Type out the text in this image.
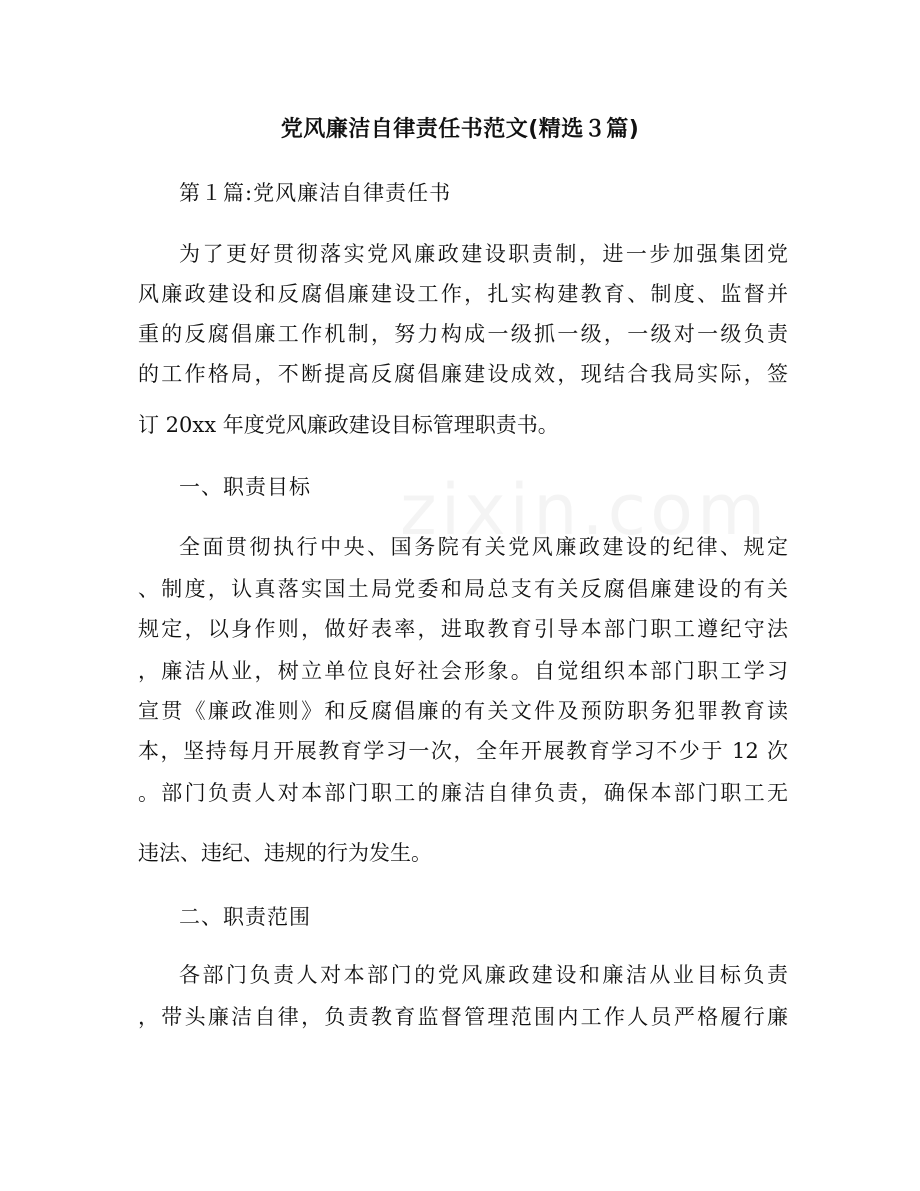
党风廉洁自律责任书范文(精选３篇)
第１篇:党风廉洁自律责任书
为了更好贯彻落实党风廉政建设职责制，进一步加强集团党
风廉政建设和反腐倡廉建设工作，扎实构建教育、制度、监督并
重的反腐倡廉工作机制，努力构成一级抓一级，一级对一级负责
的工作格局，不断提高反腐倡廉建设成效，现结合我局实际，签
订 20xx 年度党风廉政建设目标管理职责书。
一、职责目标
全面贯彻执行中央、国务院有关党风廉政建设的纪律、规定
、制度，认真落实国土局党委和局总支有关反腐倡廉建设的有关
规定，以身作则，做好表率，进取教育引导本部门职工遵纪守法
，廉洁从业，树立单位良好社会形象。自觉组织本部门职工学习
宣贯《廉政准则》和反腐倡廉的有关文件及预防职务犯罪教育读
本，坚持每月开展教育学习一次，全年开展教育学习不少于 12 次
。部门负责人对本部门职工的廉洁自律负责，确保本部门职工无
违法、违纪、违规的行为发生。
二、职责范围
各部门负责人对本部门的党风廉政建设和廉洁从业目标负责
，带头廉洁自律，负责教育监督管理范围内工作人员严格履行廉
